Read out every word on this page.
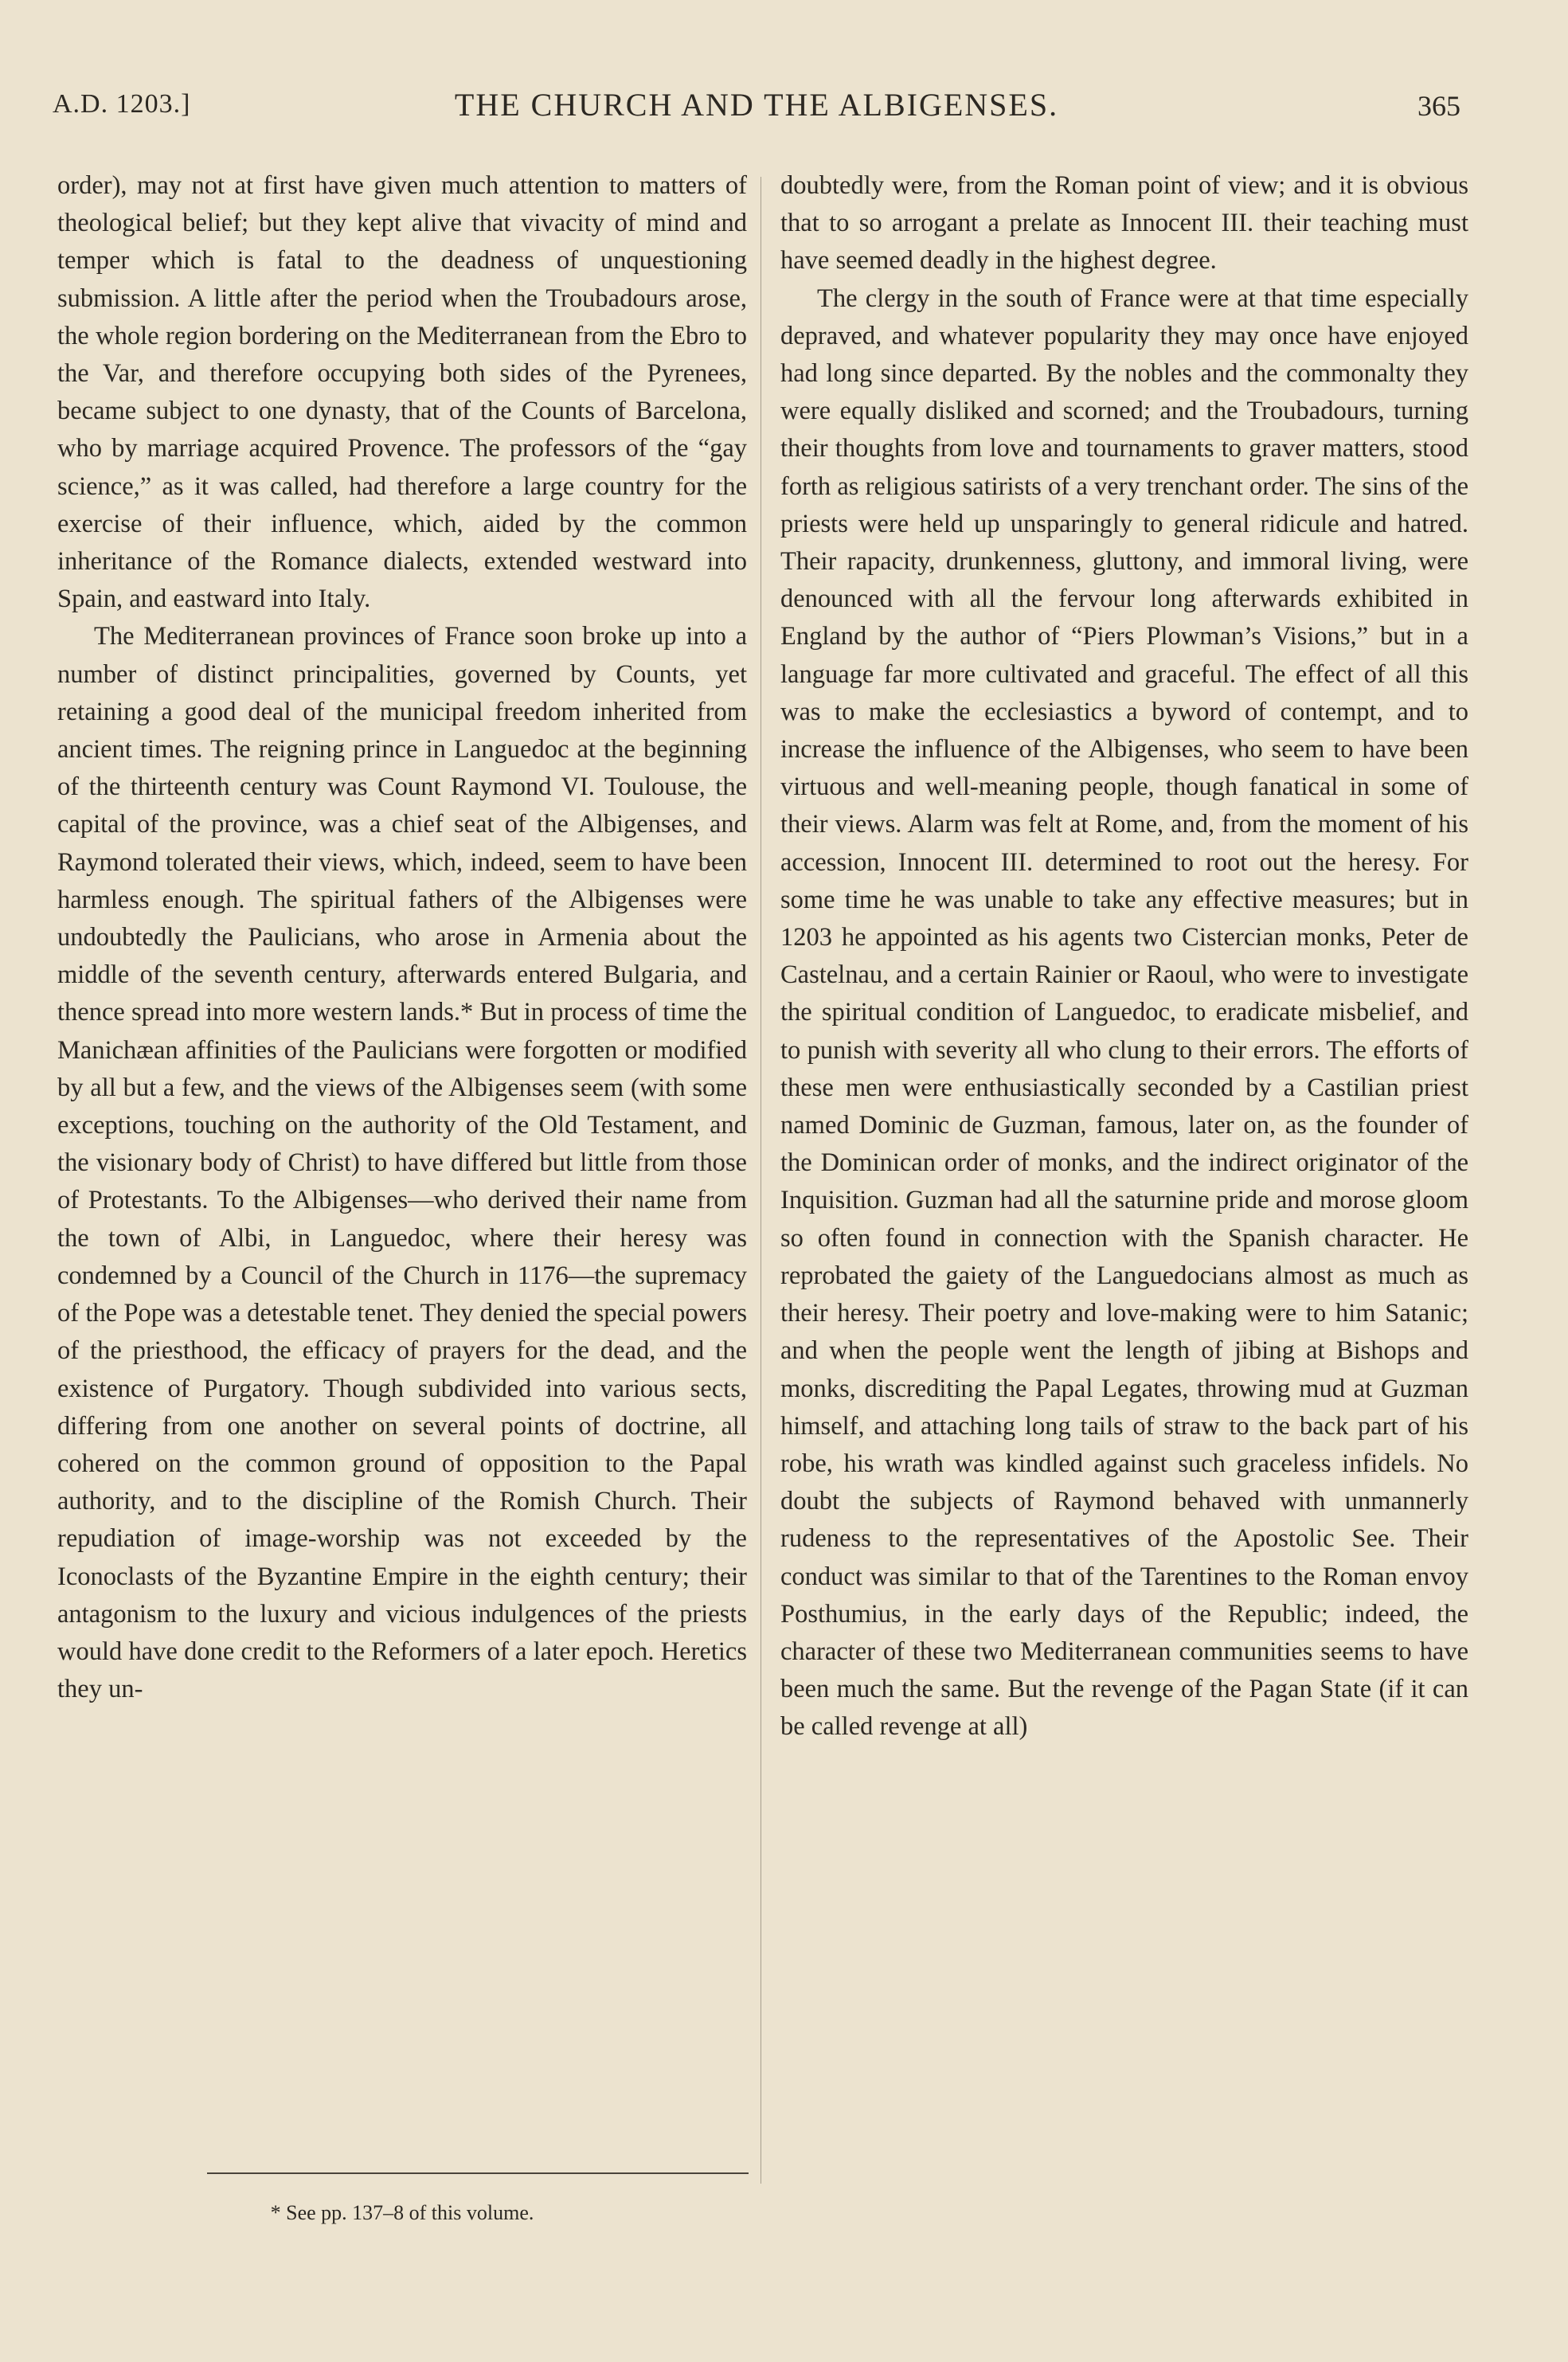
A.D. 1203.]	THE CHURCH AND THE ALBIGENSES.	365

order), may not at first have given much attention to matters of theological belief; but they kept alive that vivacity of mind and temper which is fatal to the deadness of unquestioning submission. A little after the period when the Troubadours arose, the whole region bordering on the Mediterranean from the Ebro to the Var, and therefore occupying both sides of the Pyrenees, became subject to one dynasty, that of the Counts of Barcelona, who by marriage acquired Provence. The professors of the “gay science,” as it was called, had therefore a large country for the exercise of their influence, which, aided by the common inheritance of the Romance dialects, extended westward into Spain, and eastward into Italy.

The Mediterranean provinces of France soon broke up into a number of distinct principalities, governed by Counts, yet retaining a good deal of the municipal freedom inherited from ancient times. The reigning prince in Languedoc at the beginning of the thirteenth century was Count Raymond VI. Toulouse, the capital of the province, was a chief seat of the Albigenses, and Raymond tolerated their views, which, indeed, seem to have been harmless enough. The spiritual fathers of the Albigenses were undoubtedly the Paulicians, who arose in Armenia about the middle of the seventh century, afterwards entered Bulgaria, and thence spread into more western lands.* But in process of time the Manichæan affinities of the Paulicians were forgotten or modified by all but a few, and the views of the Albigenses seem (with some exceptions, touching on the authority of the Old Testament, and the visionary body of Christ) to have differed but little from those of Protestants. To the Albigenses—who derived their name from the town of Albi, in Languedoc, where their heresy was condemned by a Council of the Church in 1176—the supremacy of the Pope was a detestable tenet. They denied the special powers of the priesthood, the efficacy of prayers for the dead, and the existence of Purgatory. Though subdivided into various sects, differing from one another on several points of doctrine, all cohered on the common ground of opposition to the Papal authority, and to the discipline of the Romish Church. Their repudiation of image-worship was not exceeded by the Iconoclasts of the Byzantine Empire in the eighth century; their antagonism to the luxury and vicious indulgences of the priests would have done credit to the Reformers of a later epoch. Heretics they un-

doubtedly were, from the Roman point of view; and it is obvious that to so arrogant a prelate as Innocent III. their teaching must have seemed deadly in the highest degree.

The clergy in the south of France were at that time especially depraved, and whatever popularity they may once have enjoyed had long since departed. By the nobles and the commonalty they were equally disliked and scorned; and the Troubadours, turning their thoughts from love and tournaments to graver matters, stood forth as religious satirists of a very trenchant order. The sins of the priests were held up unsparingly to general ridicule and hatred. Their rapacity, drunkenness, gluttony, and immoral living, were denounced with all the fervour long afterwards exhibited in England by the author of “Piers Plowman’s Visions,” but in a language far more cultivated and graceful. The effect of all this was to make the ecclesiastics a byword of contempt, and to increase the influence of the Albigenses, who seem to have been virtuous and well-meaning people, though fanatical in some of their views. Alarm was felt at Rome, and, from the moment of his accession, Innocent III. determined to root out the heresy. For some time he was unable to take any effective measures; but in 1203 he appointed as his agents two Cistercian monks, Peter de Castelnau, and a certain Rainier or Raoul, who were to investigate the spiritual condition of Languedoc, to eradicate misbelief, and to punish with severity all who clung to their errors. The efforts of these men were enthusiastically seconded by a Castilian priest named Dominic de Guzman, famous, later on, as the founder of the Dominican order of monks, and the indirect originator of the Inquisition. Guzman had all the saturnine pride and morose gloom so often found in connection with the Spanish character. He reprobated the gaiety of the Languedocians almost as much as their heresy. Their poetry and love-making were to him Satanic; and when the people went the length of jibing at Bishops and monks, discrediting the Papal Legates, throwing mud at Guzman himself, and attaching long tails of straw to the back part of his robe, his wrath was kindled against such graceless infidels. No doubt the subjects of Raymond behaved with unmannerly rudeness to the representatives of the Apostolic See. Their conduct was similar to that of the Tarentines to the Roman envoy Posthumius, in the early days of the Republic; indeed, the character of these two Mediterranean communities seems to have been much the same. But the revenge of the Pagan State (if it can be called revenge at all)

* See pp. 137–8 of this volume.
